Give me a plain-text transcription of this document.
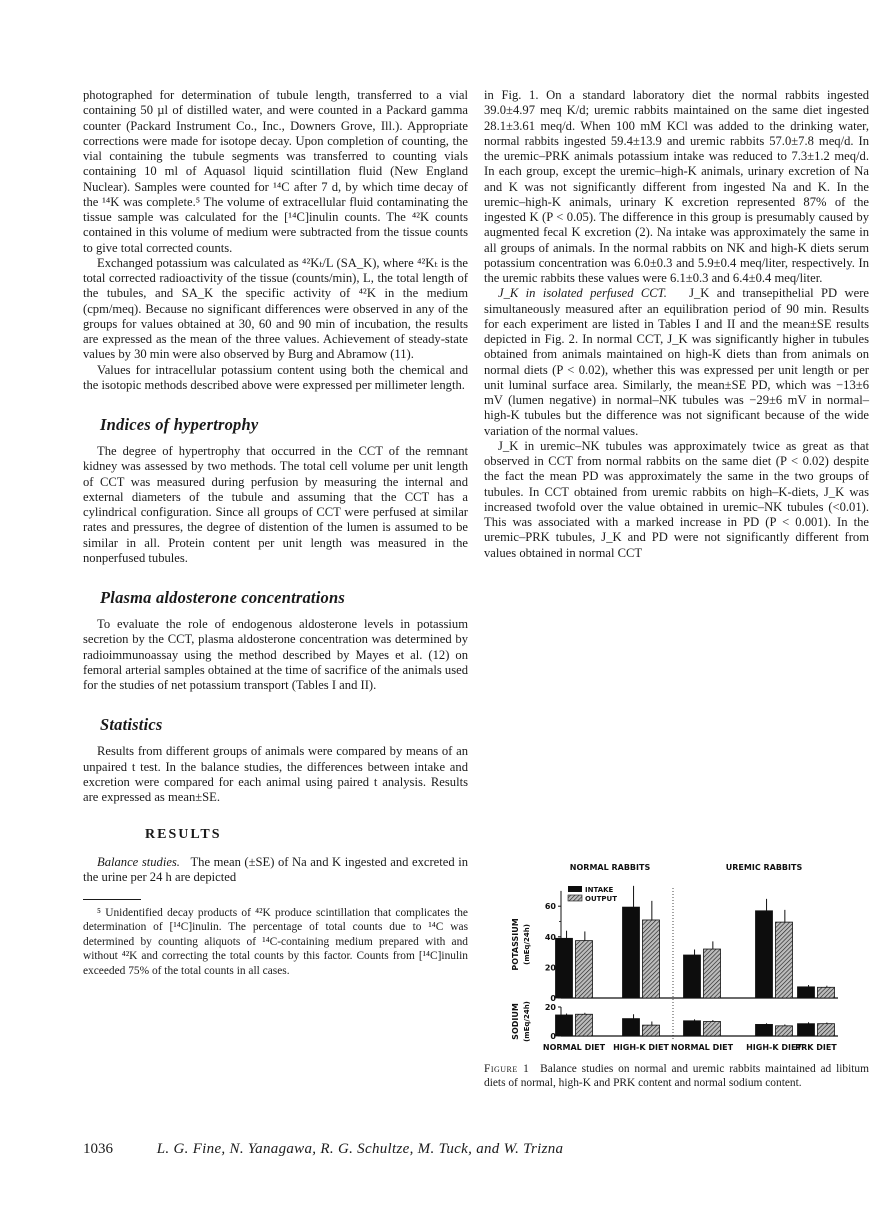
photographed for determination of tubule length, transferred to a vial containing 50 µl of distilled water, and were counted in a Packard gamma counter (Packard Instrument Co., Inc., Downers Grove, Ill.). Appropriate corrections were made for isotope decay. Upon completion of counting, the vial containing the tubule segments was transferred to counting vials containing 10 ml of Aquasol liquid scintillation fluid (New England Nuclear). Samples were counted for ¹⁴C after 7 d, by which time decay of the ¹⁴K was complete.⁵ The volume of extracellular fluid contaminating the tissue sample was calculated for the [¹⁴C]inulin counts. The ⁴²K counts contained in this volume of medium were subtracted from the tissue counts to give total corrected counts.

Exchanged potassium was calculated as ⁴²Kₜ/L (SA_K), where ⁴²Kₜ is the total corrected radioactivity of the tissue (counts/min), L, the total length of the tubules, and SA_K the specific activity of ⁴²K in the medium (cpm/meq). Because no significant differences were observed in any of the groups for values obtained at 30, 60 and 90 min of incubation, the results are expressed as the mean of the three values. Achievement of steady-state values by 30 min were also observed by Burg and Abramow (11).

Values for intracellular potassium content using both the chemical and the isotopic methods described above were expressed per millimeter length.

Indices of hypertrophy

The degree of hypertrophy that occurred in the CCT of the remnant kidney was assessed by two methods. The total cell volume per unit length of CCT was measured during perfusion by measuring the internal and external diameters of the tubule and assuming that the CCT has a cylindrical configuration. Since all groups of CCT were perfused at similar rates and pressures, the degree of distention of the lumen is assumed to be similar in all. Protein content per unit length was measured in the nonperfused tubules.

Plasma aldosterone concentrations

To evaluate the role of endogenous aldosterone levels in potassium secretion by the CCT, plasma aldosterone concentration was determined by radioimmunoassay using the method described by Mayes et al. (12) on femoral arterial samples obtained at the time of sacrifice of the animals used for the studies of net potassium transport (Tables I and II).

Statistics

Results from different groups of animals were compared by means of an unpaired t test. In the balance studies, the differences between intake and excretion were compared for each animal using paired t analysis. Results are expressed as mean±SE.

RESULTS

Balance studies. The mean (±SE) of Na and K ingested and excreted in the urine per 24 h are depicted

⁵ Unidentified decay products of ⁴²K produce scintillation that complicates the determination of [¹⁴C]inulin. The percentage of total counts due to ¹⁴C was determined by counting aliquots of ¹⁴C-containing medium prepared with and without ⁴²K and correcting the total counts by this factor. Counts from [¹⁴C]inulin exceeded 75% of the total counts in all cases.

in Fig. 1. On a standard laboratory diet the normal rabbits ingested 39.0±4.97 meq K/d; uremic rabbits maintained on the same diet ingested 28.1±3.61 meq/d. When 100 mM KCl was added to the drinking water, normal rabbits ingested 59.4±13.9 and uremic rabbits 57.0±7.8 meq/d. In the uremic–PRK animals potassium intake was reduced to 7.3±1.2 meq/d. In each group, except the uremic–high-K animals, urinary excretion of Na and K was not significantly different from ingested Na and K. In the uremic–high-K animals, urinary K excretion represented 87% of the ingested K (P < 0.05). The difference in this group is presumably caused by augmented fecal K excretion (2). Na intake was approximately the same in all groups of animals. In the normal rabbits on NK and high-K diets serum potassium concentration was 6.0±0.3 and 5.9±0.4 meq/liter, respectively. In the uremic rabbits these values were 6.1±0.3 and 6.4±0.4 meq/liter.

J_K in isolated perfused CCT. J_K and transepithelial PD were simultaneously measured after an equilibration period of 90 min. Results for each experiment are listed in Tables I and II and the mean±SE results depicted in Fig. 2. In normal CCT, J_K was significantly higher in tubules obtained from animals maintained on high-K diets than from animals on normal diets (P < 0.02), whether this was expressed per unit length or per unit luminal surface area. Similarly, the mean±SE PD, which was −13±6 mV (lumen negative) in normal–NK tubules was −29±6 mV in normal–high-K tubules but the difference was not significant because of the wide variation of the normal values.

J_K in uremic–NK tubules was approximately twice as great as that observed in CCT from normal rabbits on the same diet (P < 0.02) despite the fact the mean PD was approximately the same in the two groups of tubules. In CCT obtained from uremic rabbits on high–K-diets, J_K was increased twofold over the value obtained in uremic–NK tubules (<0.01). This was associated with a marked increase in PD (P < 0.001). In the uremic–PRK tubules, J_K and PD were not significantly different from values obtained in normal CCT

NORMAL RABBITS	UREMIC RABBITS
0
20
40
60
POTASSIUM (mEq/24h)
0
20
SODIUM (mEq/24h)
NORMAL DIET HIGH-K DIET NORMAL DIET HIGH-K DIET
PRK DIET
INTAKE
OUTPUT
Figure 1 Balance studies on normal and uremic rabbits maintained ad libitum diets of normal, high-K and PRK content and normal sodium content.
1036	L. G. Fine, N. Yanagawa, R. G. Schultze, M. Tuck, and W. Trizna
